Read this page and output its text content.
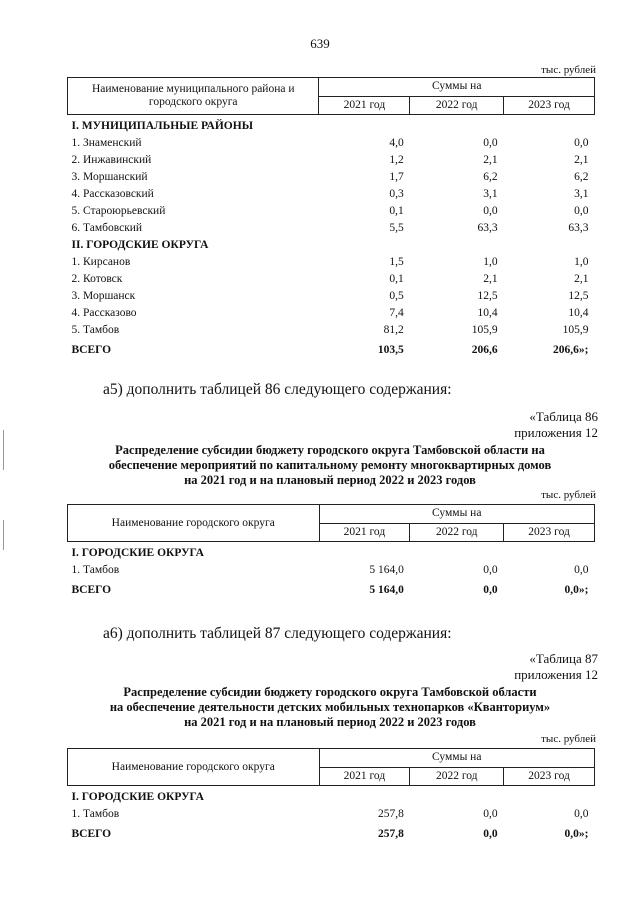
639
тыс. рублей
Наименование муниципального района и городского округа	Суммы на		
	2021 год	2022 год	2023 год

I. МУНИЦИПАЛЬНЫЕ РАЙОНЫ			
1. Знаменский	4,0	0,0	0,0
2. Инжавинский	1,2	2,1	2,1
3. Моршанский	1,7	6,2	6,2
4. Рассказовский	0,3	3,1	3,1
5. Староюрьевский	0,1	0,0	0,0
6. Тамбовский	5,5	63,3	63,3
II. ГОРОДСКИЕ ОКРУГА			
1. Кирсанов	1,5	1,0	1,0
2. Котовск	0,1	2,1	2,1
3. Моршанск	0,5	12,5	12,5
4. Рассказово	7,4	10,4	10,4
5. Тамбов	81,2	105,9	105,9
ВСЕГО	103,5	206,6	206,6»;
а5) дополнить таблицей 86 следующего содержания:
«Таблица 86
приложения 12
Распределение субсидии бюджету городского округа Тамбовской области на
обеспечение мероприятий по капитальному ремонту многоквартирных домов
на 2021 год и на плановый период 2022 и 2023 годов
тыс. рублей
Наименование городского округа	Суммы на		
	2021 год	2022 год	2023 год

I. ГОРОДСКИЕ ОКРУГА			
1. Тамбов	5 164,0	0,0	0,0
ВСЕГО	5 164,0	0,0	0,0»;
а6) дополнить таблицей 87 следующего содержания:
«Таблица 87
приложения 12
Распределение субсидии бюджету городского округа Тамбовской области
на обеспечение деятельности детских мобильных технопарков «Кванториум»
на 2021 год и на плановый период 2022 и 2023 годов
тыс. рублей
Наименование городского округа	Суммы на		
	2021 год	2022 год	2023 год

I. ГОРОДСКИЕ ОКРУГА			
1. Тамбов	257,8	0,0	0,0
ВСЕГО	257,8	0,0	0,0»;
